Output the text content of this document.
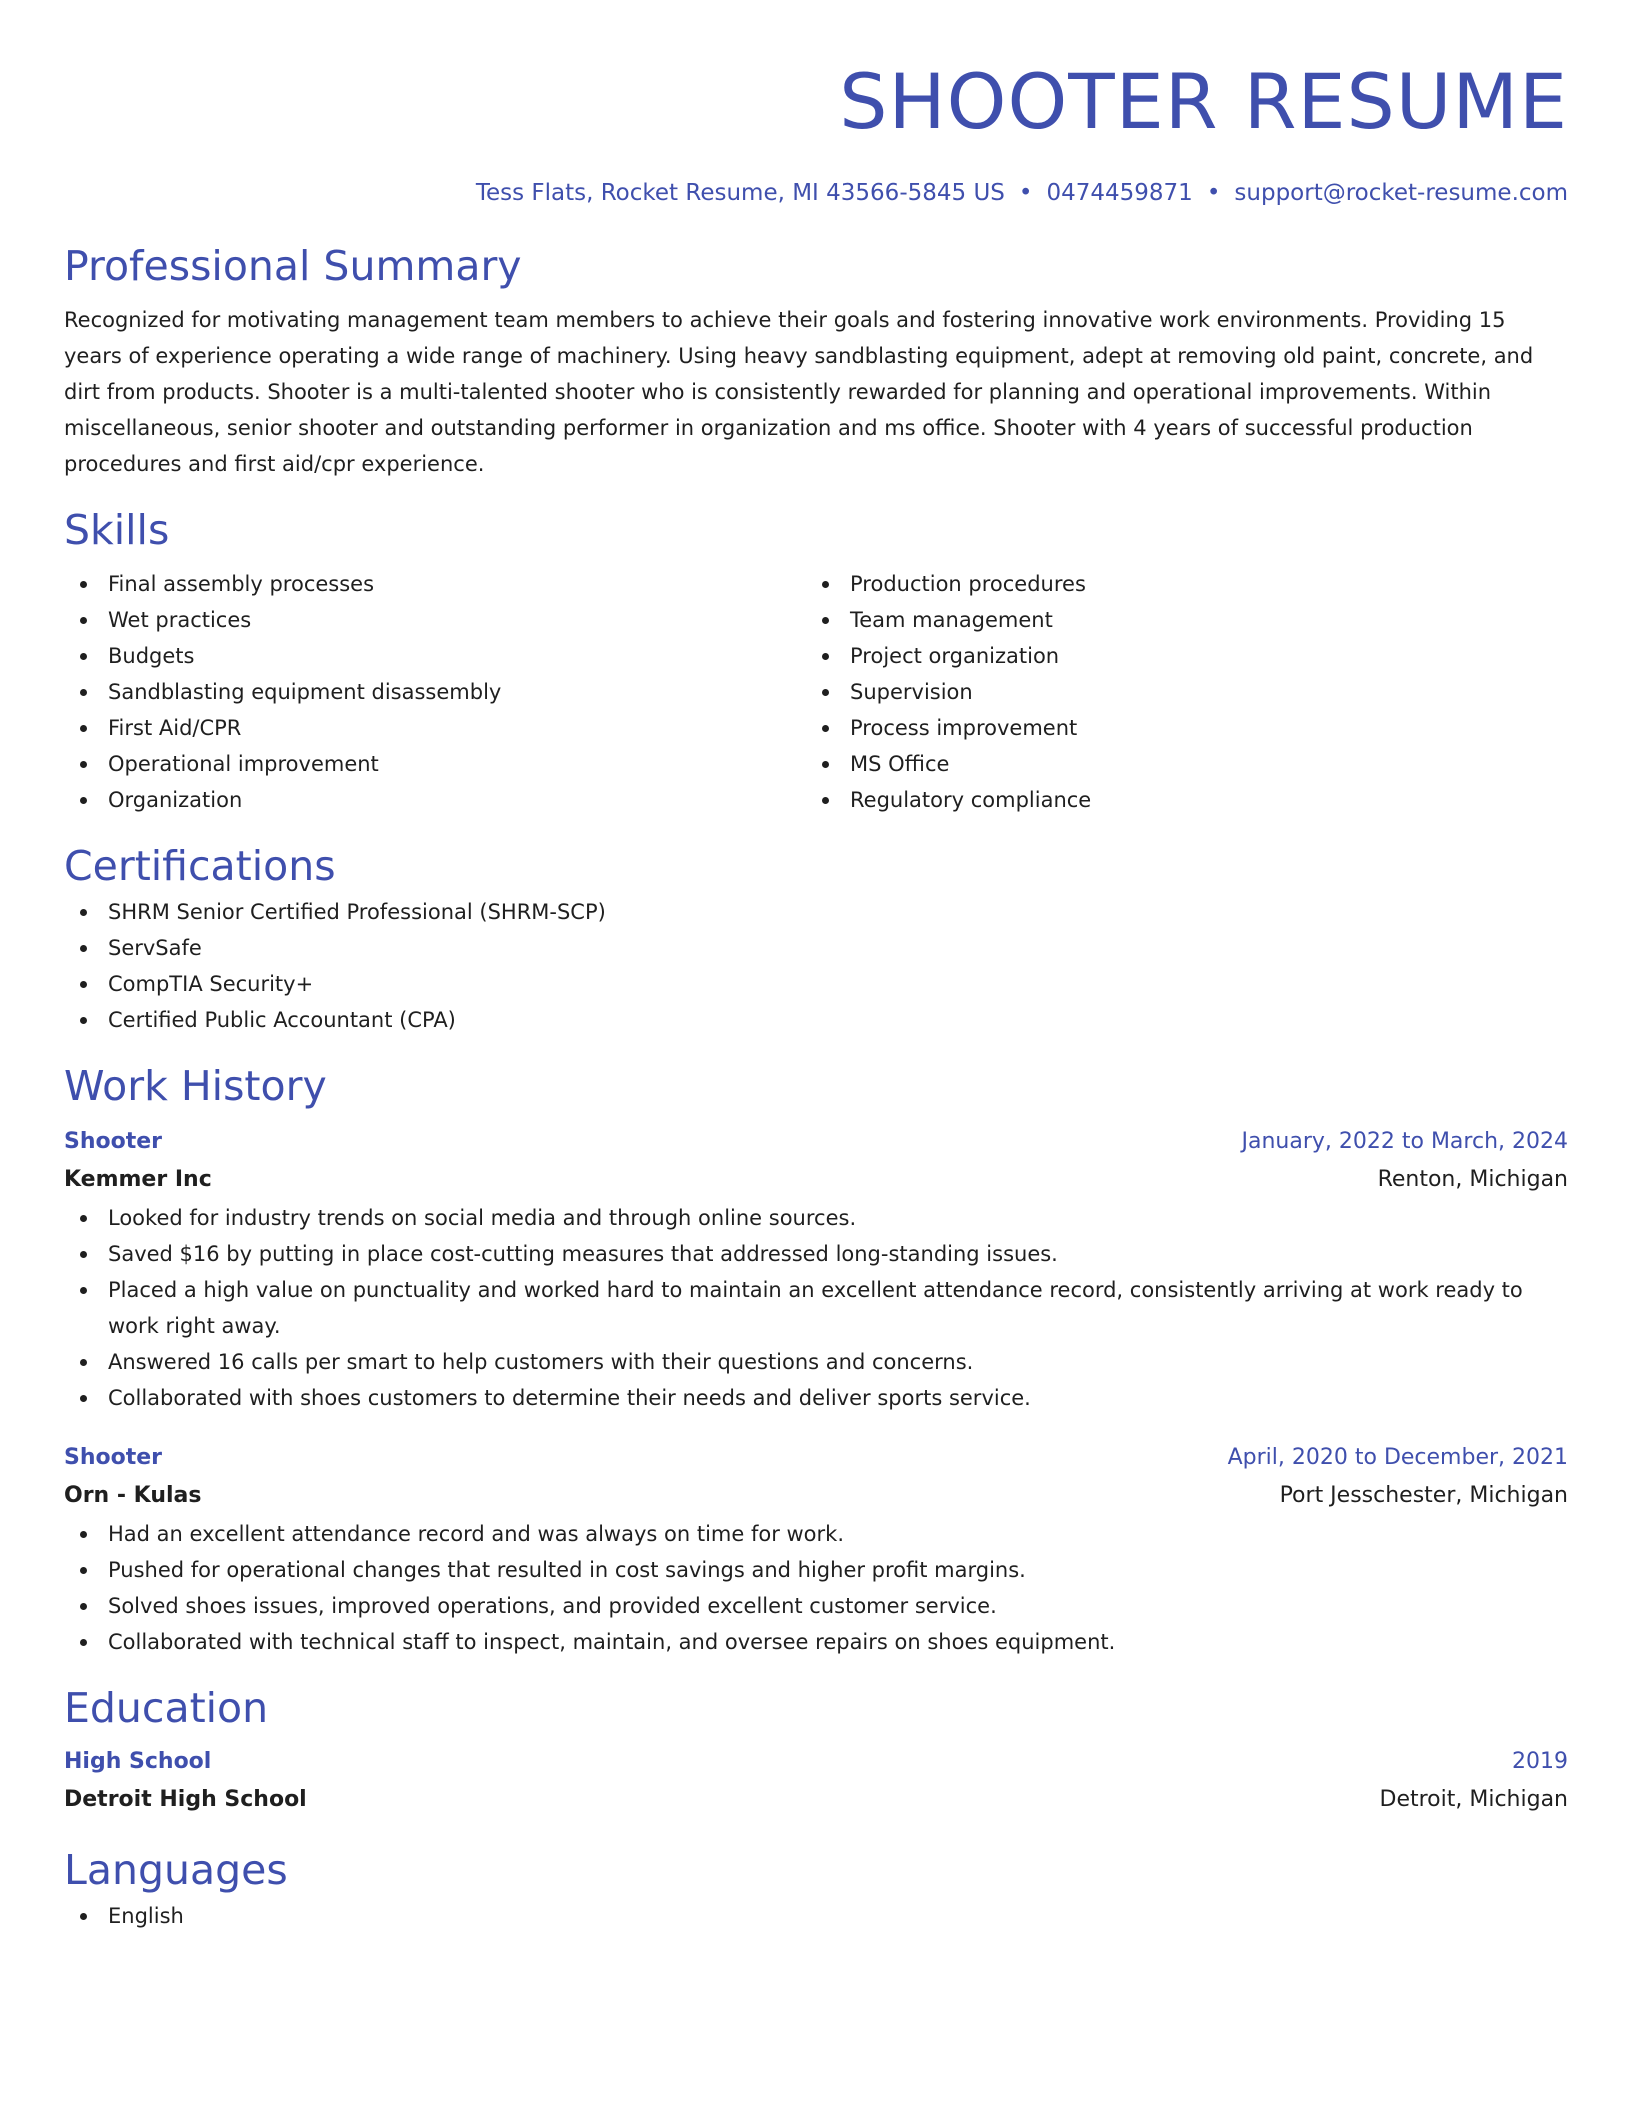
SHOOTER RESUME
Tess Flats, Rocket Resume, MI 43566-5845 US • 0474459871 • support@rocket-resume.com
Professional Summary
Recognized for motivating management team members to achieve their goals and fostering innovative work environments. Providing 15 years of experience operating a wide range of machinery. Using heavy sandblasting equipment, adept at removing old paint, concrete, and dirt from products. Shooter is a multi-talented shooter who is consistently rewarded for planning and operational improvements. Within miscellaneous, senior shooter and outstanding performer in organization and ms office. Shooter with 4 years of successful production procedures and first aid/cpr experience.
Skills
Final assembly processes
Wet practices
Budgets
Sandblasting equipment disassembly
First Aid/CPR
Operational improvement
Organization
Production procedures
Team management
Project organization
Supervision
Process improvement
MS Office
Regulatory compliance
Certifications
SHRM Senior Certified Professional (SHRM-SCP)
ServSafe
CompTIA Security+
Certified Public Accountant (CPA)
Work History
Shooter	January, 2022 to March, 2024
Kemmer Inc	Renton, Michigan
Looked for industry trends on social media and through online sources.
Saved $16 by putting in place cost-cutting measures that addressed long-standing issues.
Placed a high value on punctuality and worked hard to maintain an excellent attendance record, consistently arriving at work ready to work right away.
Answered 16 calls per smart to help customers with their questions and concerns.
Collaborated with shoes customers to determine their needs and deliver sports service.
Shooter	April, 2020 to December, 2021
Orn - Kulas	Port Jesschester, Michigan
Had an excellent attendance record and was always on time for work.
Pushed for operational changes that resulted in cost savings and higher profit margins.
Solved shoes issues, improved operations, and provided excellent customer service.
Collaborated with technical staff to inspect, maintain, and oversee repairs on shoes equipment.
Education
High School	2019
Detroit High School	Detroit, Michigan
Languages
English
